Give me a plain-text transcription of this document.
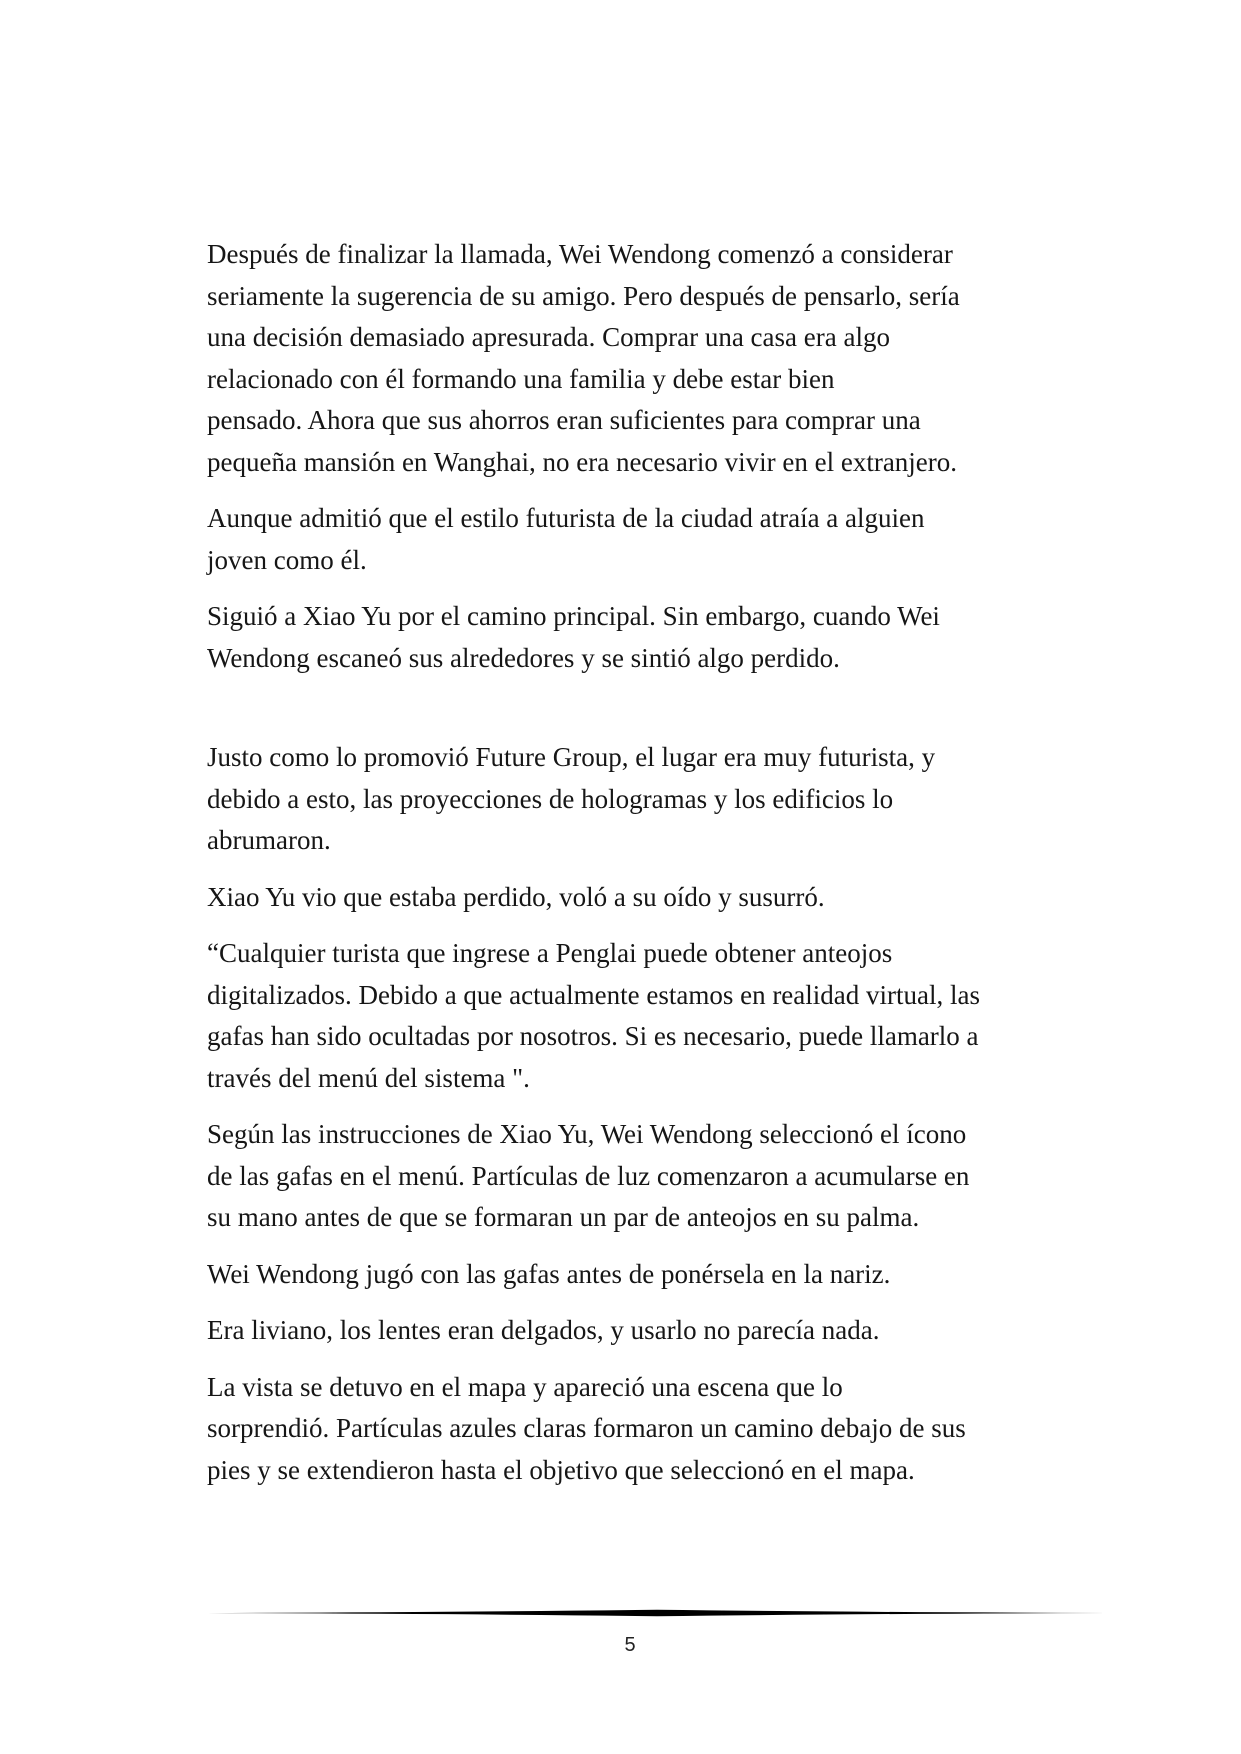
Después de finalizar la llamada, Wei Wendong comenzó a considerar
seriamente la sugerencia de su amigo. Pero después de pensarlo, sería
una decisión demasiado apresurada. Comprar una casa era algo
relacionado con él formando una familia y debe estar bien
pensado. Ahora que sus ahorros eran suficientes para comprar una
pequeña mansión en Wanghai, no era necesario vivir en el extranjero.

Aunque admitió que el estilo futurista de la ciudad atraía a alguien
joven como él.

Siguió a Xiao Yu por el camino principal. Sin embargo, cuando Wei
Wendong escaneó sus alrededores y se sintió algo perdido.

Justo como lo promovió Future Group, el lugar era muy futurista, y
debido a esto, las proyecciones de hologramas y los edificios lo
abrumaron.

Xiao Yu vio que estaba perdido, voló a su oído y susurró.

“Cualquier turista que ingrese a Penglai puede obtener anteojos
digitalizados. Debido a que actualmente estamos en realidad virtual, las
gafas han sido ocultadas por nosotros. Si es necesario, puede llamarlo a
través del menú del sistema ".

Según las instrucciones de Xiao Yu, Wei Wendong seleccionó el ícono
de las gafas en el menú. Partículas de luz comenzaron a acumularse en
su mano antes de que se formaran un par de anteojos en su palma.

Wei Wendong jugó con las gafas antes de ponérsela en la nariz.

Era liviano, los lentes eran delgados, y usarlo no parecía nada.

La vista se detuvo en el mapa y apareció una escena que lo
sorprendió. Partículas azules claras formaron un camino debajo de sus
pies y se extendieron hasta el objetivo que seleccionó en el mapa.

5
